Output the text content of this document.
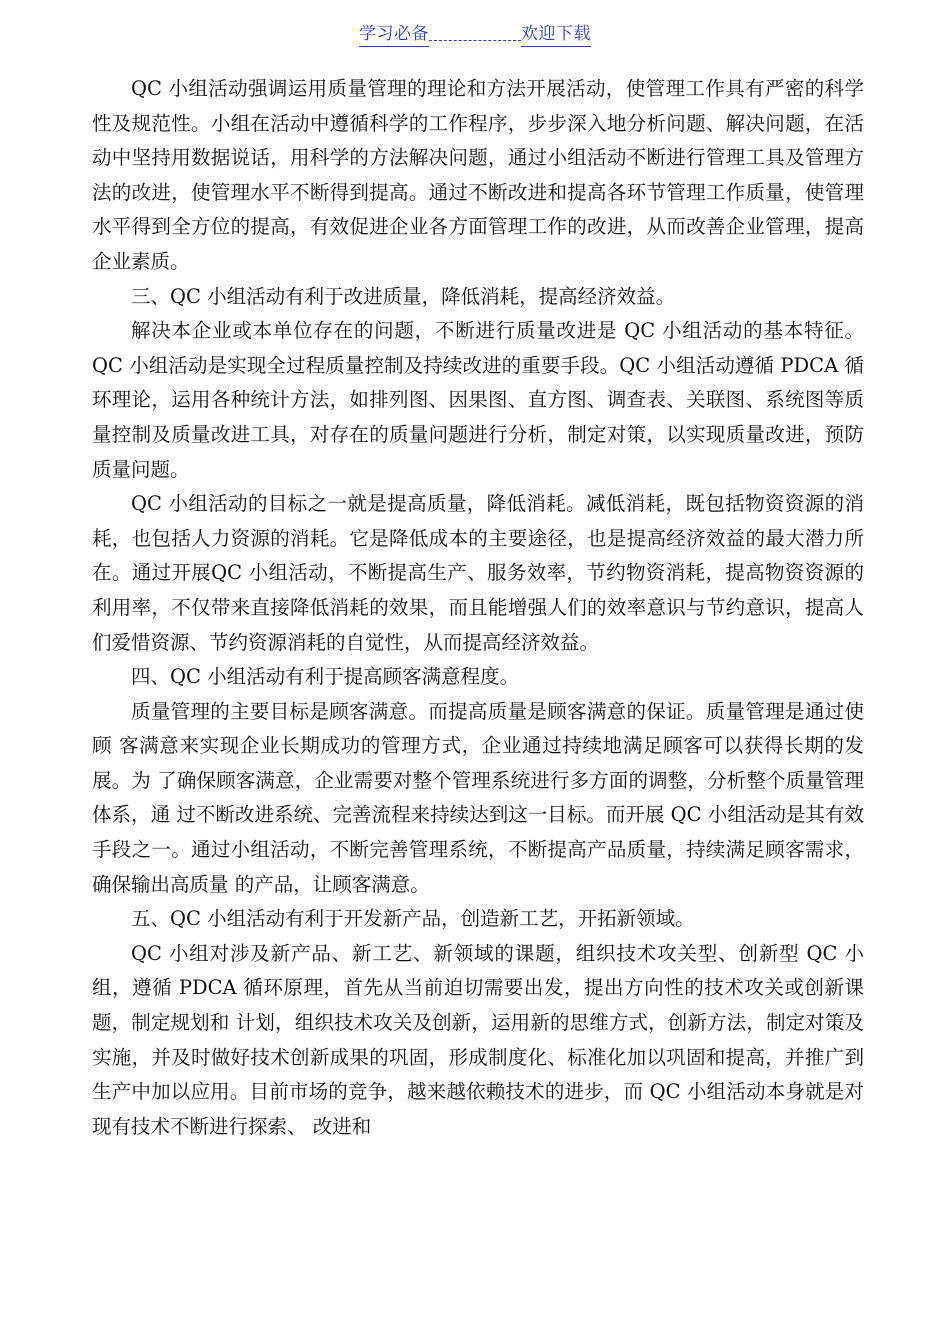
学习必备	欢迎下载

QC 小组活动强调运用质量管理的理论和方法开展活动，使管理工作具有严密的科学性及规范性。小组在活动中遵循科学的工作程序，步步深入地分析问题、解决问题，在活动中坚持用数据说话，用科学的方法解决问题，通过小组活动不断进行管理工具及管理方法的改进，使管理水平不断得到提高。通过不断改进和提高各环节管理工作质量，使管理水平得到全方位的提高，有效促进企业各方面管理工作的改进，从而改善企业管理，提高企业素质。

三、QC 小组活动有利于改进质量，降低消耗，提高经济效益。

解决本企业或本单位存在的问题，不断进行质量改进是 QC 小组活动的基本特征。QC 小组活动是实现全过程质量控制及持续改进的重要手段。QC 小组活动遵循 PDCA 循环理论，运用各种统计方法，如排列图、因果图、直方图、调查表、关联图、系统图等质量控制及质量改进工具，对存在的质量问题进行分析，制定对策，以实现质量改进，预防质量问题。

QC 小组活动的目标之一就是提高质量，降低消耗。减低消耗，既包括物资资源的消耗，也包括人力资源的消耗。它是降低成本的主要途径，也是提高经济效益的最大潜力所在。通过开展QC 小组活动，不断提高生产、服务效率，节约物资消耗，提高物资资源的利用率，不仅带来直接降低消耗的效果，而且能增强人们的效率意识与节约意识，提高人们爱惜资源、节约资源消耗的自觉性，从而提高经济效益。

四、QC 小组活动有利于提高顾客满意程度。

质量管理的主要目标是顾客满意。而提高质量是顾客满意的保证。质量管理是通过使顾 客满意来实现企业长期成功的管理方式，企业通过持续地满足顾客可以获得长期的发展。为 了确保顾客满意，企业需要对整个管理系统进行多方面的调整，分析整个质量管理体系，通 过不断改进系统、完善流程来持续达到这一目标。而开展 QC 小组活动是其有效手段之一。通过小组活动，不断完善管理系统，不断提高产品质量，持续满足顾客需求，确保输出高质量 的产品，让顾客满意。

五、QC 小组活动有利于开发新产品，创造新工艺，开拓新领域。

QC 小组对涉及新产品、新工艺、新领域的课题，组织技术攻关型、创新型 QC 小组，遵循 PDCA 循环原理，首先从当前迫切需要出发，提出方向性的技术攻关或创新课题，制定规划和 计划，组织技术攻关及创新，运用新的思维方式，创新方法，制定对策及实施，并及时做好技术创新成果的巩固，形成制度化、标准化加以巩固和提高，并推广到生产中加以应用。目前市场的竞争，越来越依赖技术的进步，而 QC 小组活动本身就是对现有技术不断进行探索、 改进和
